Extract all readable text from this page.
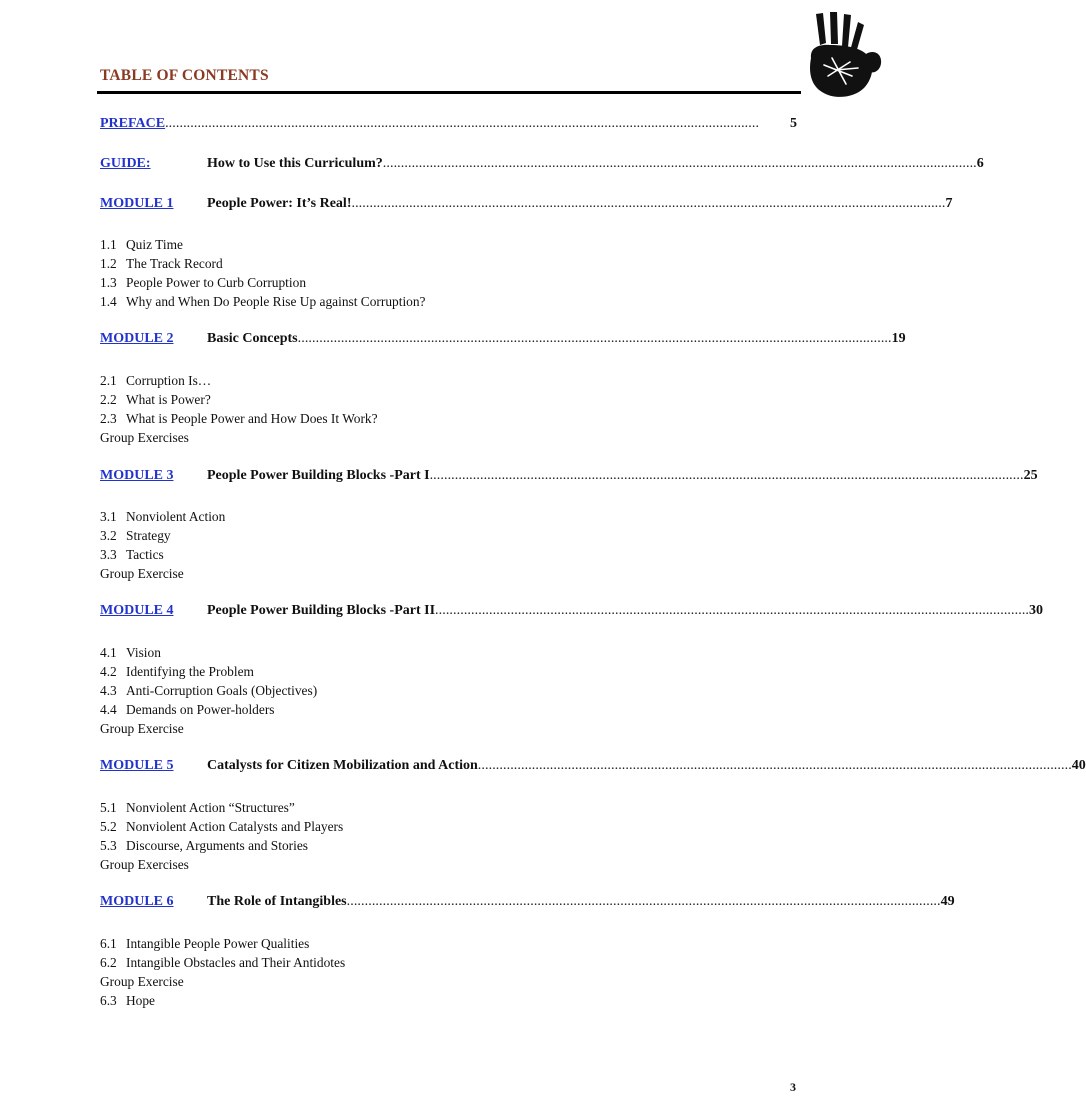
TABLE OF CONTENTS
PREFACE .....................................................................................................................................................................	5
GUIDE:	How to Use this Curriculum? ..................................................................................................................................................................... 6
MODULE 1	People Power: It’s Real! ..................................................................................................................................................................... 7
1.1 Quiz Time
1.2 The Track Record
1.3 People Power to Curb Corruption
1.4 Why and When Do People Rise Up against Corruption?
MODULE 2	Basic Concepts ..................................................................................................................................................................... 19
2.1 Corruption Is…
2.2 What is Power?
2.3 What is People Power and How Does It Work?
Group Exercises
MODULE 3	People Power Building Blocks -Part I ..................................................................................................................................................................... 25
3.1 Nonviolent Action
3.2 Strategy
3.3 Tactics
Group Exercise
MODULE 4	People Power Building Blocks -Part II ..................................................................................................................................................................... 30
4.1 Vision
4.2 Identifying the Problem
4.3 Anti-Corruption Goals (Objectives)
4.4 Demands on Power-holders
Group Exercise
MODULE 5	Catalysts for Citizen Mobilization and Action ..................................................................................................................................................................... 40
5.1 Nonviolent Action “Structures”
5.2 Nonviolent Action Catalysts and Players
5.3 Discourse, Arguments and Stories
Group Exercises
MODULE 6	The Role of Intangibles ..................................................................................................................................................................... 49
6.1 Intangible People Power Qualities
6.2 Intangible Obstacles and Their Antidotes
Group Exercise
6.3 Hope
3
